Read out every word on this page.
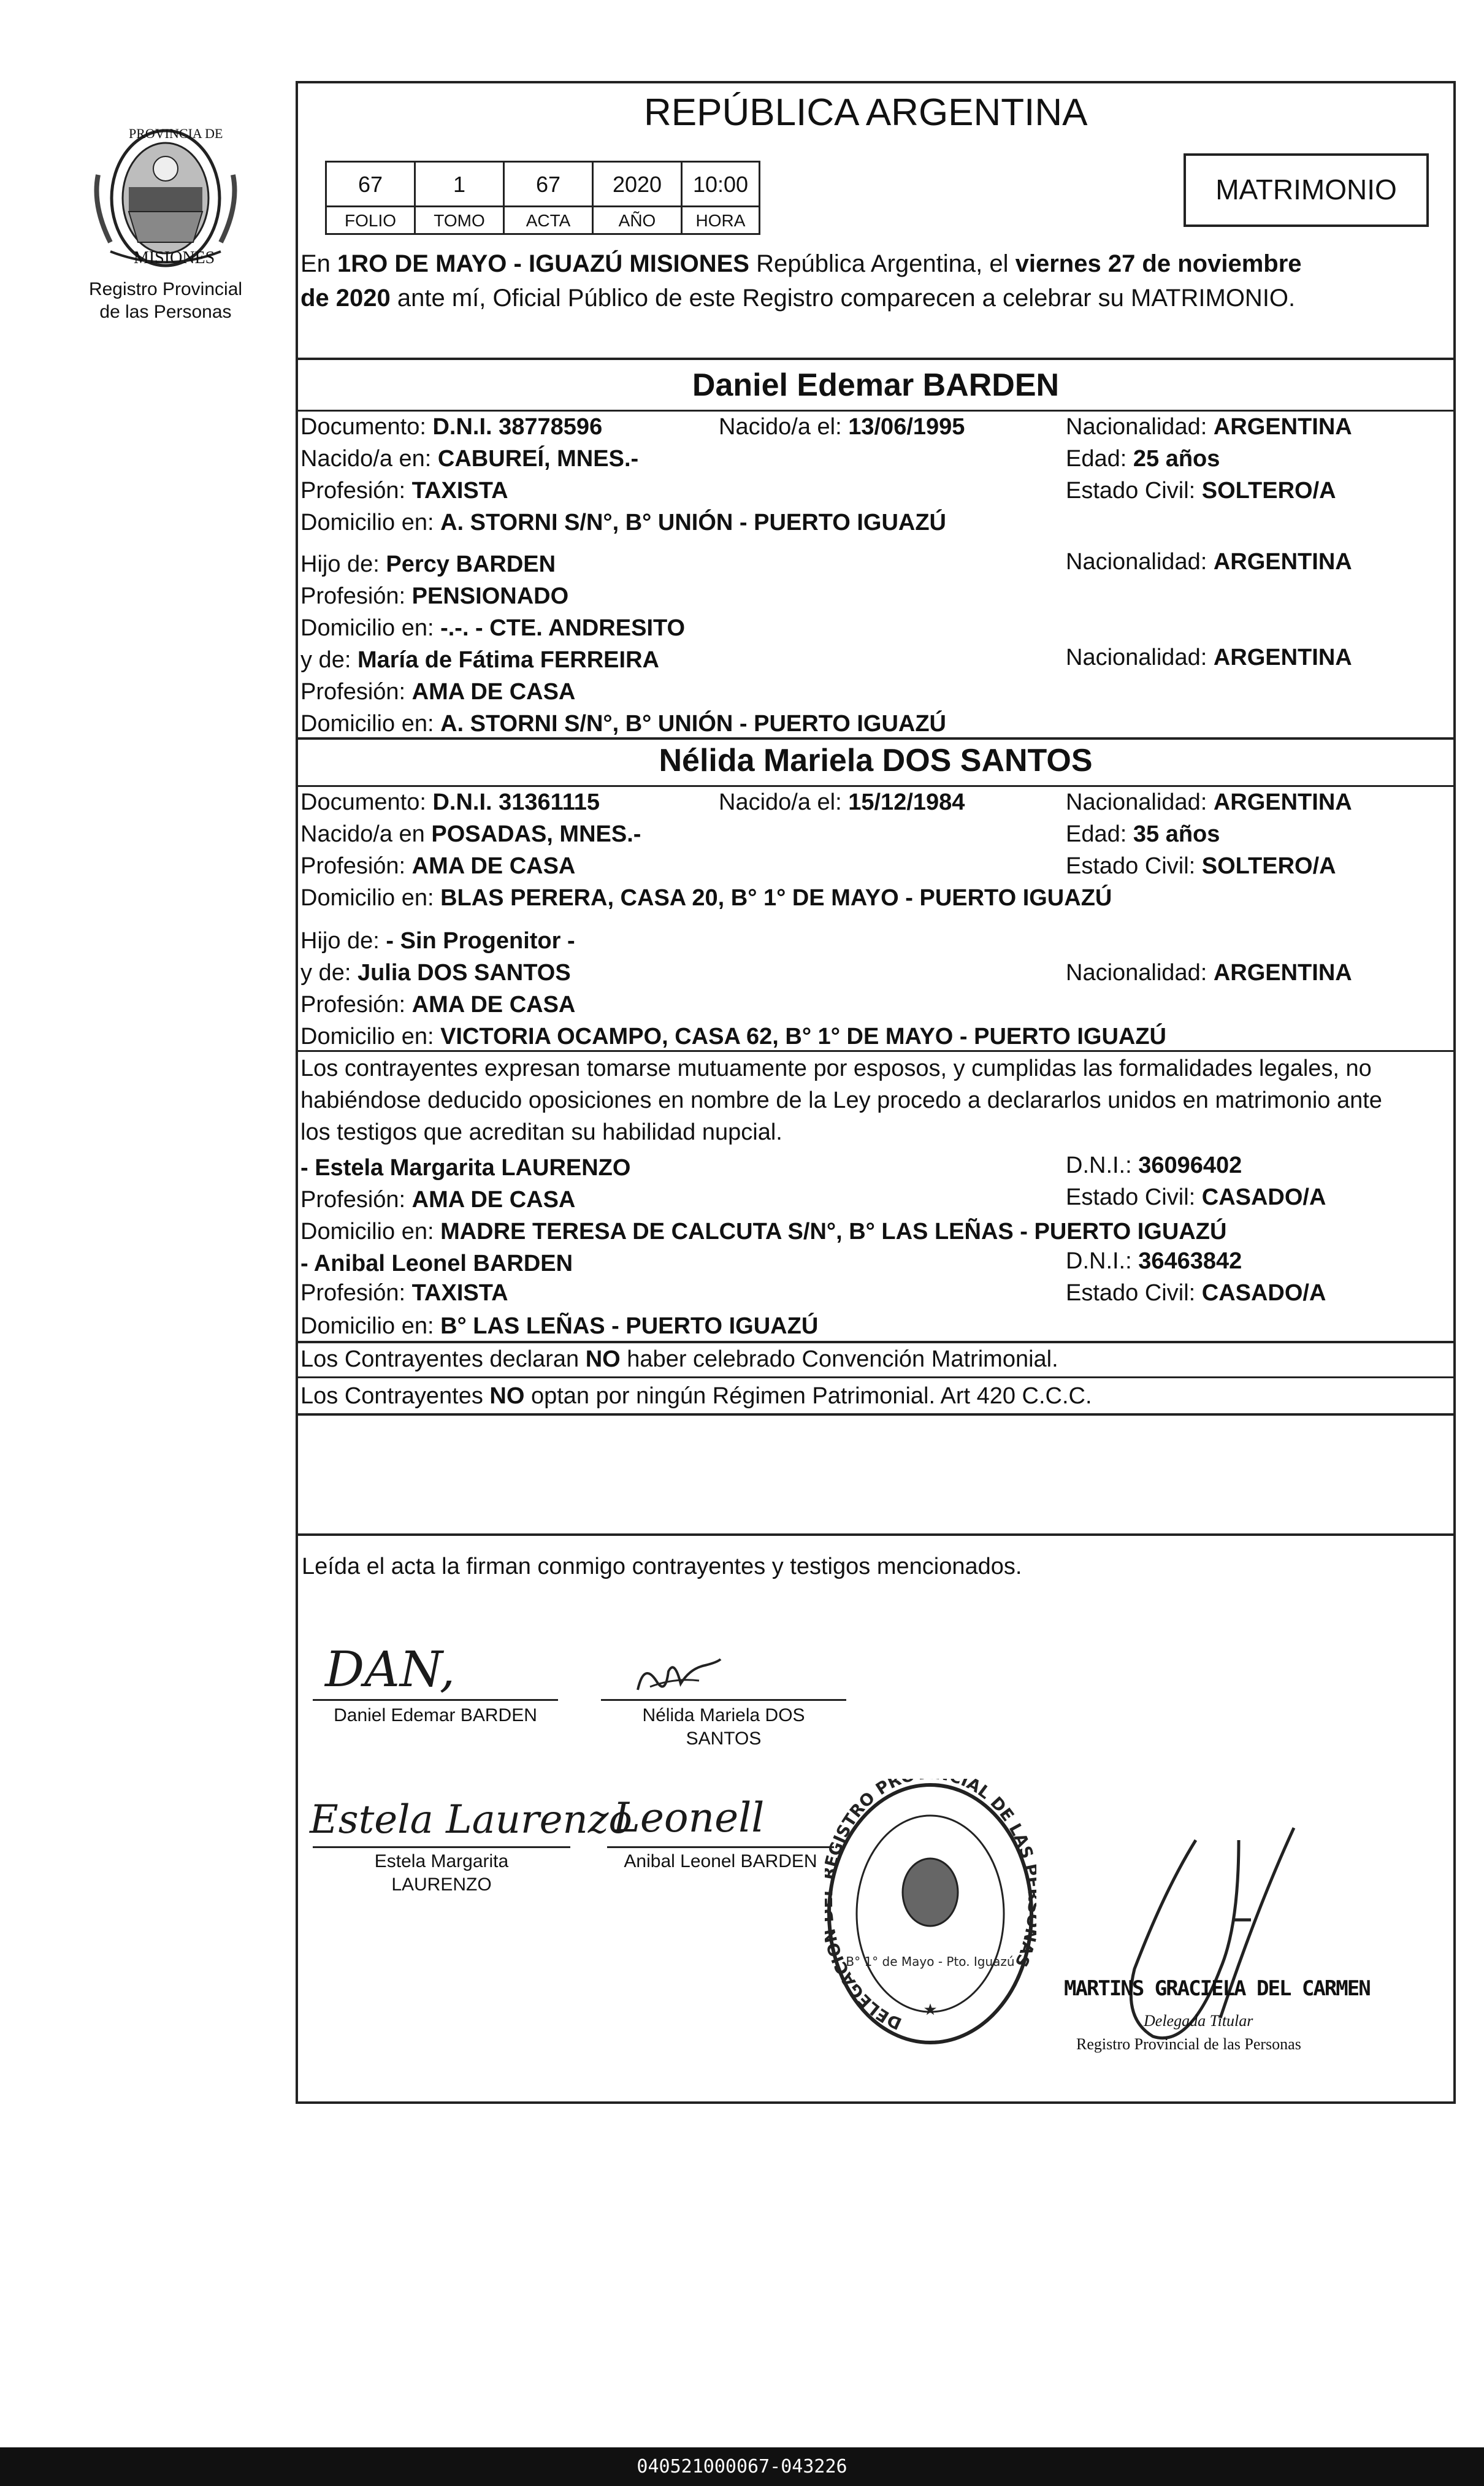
PROVINCIA DE
MISIONES
Registro Provincial
de las Personas
REPÚBLICA ARGENTINA
MATRIMONIO
67	1	67	2020	10:00
FOLIO	TOMO	ACTA	AÑO	HORA
En 1RO DE MAYO - IGUAZÚ MISIONES República Argentina, el viernes 27 de noviembre
de 2020 ante mí, Oficial Público de este Registro comparecen a celebrar su MATRIMONIO.
Daniel Edemar BARDEN
Documento: D.N.I. 38778596	Nacido/a el: 13/06/1995	Nacionalidad: ARGENTINA
Nacido/a en: CABUREÍ, MNES.-	Edad: 25 años
Profesión: TAXISTA	Estado Civil: SOLTERO/A
Domicilio en: A. STORNI S/N°, B° UNIÓN - PUERTO IGUAZÚ
Hijo de: Percy BARDEN	Nacionalidad: ARGENTINA
Profesión: PENSIONADO
Domicilio en: -.-. - CTE. ANDRESITO
y de: María de Fátima FERREIRA	Nacionalidad: ARGENTINA
Profesión: AMA DE CASA
Domicilio en: A. STORNI S/N°, B° UNIÓN - PUERTO IGUAZÚ
Nélida Mariela DOS SANTOS
Documento: D.N.I. 31361115	Nacido/a el: 15/12/1984	Nacionalidad: ARGENTINA
Nacido/a en POSADAS, MNES.-	Edad: 35 años
Profesión: AMA DE CASA	Estado Civil: SOLTERO/A
Domicilio en: BLAS PERERA, CASA 20, B° 1° DE MAYO - PUERTO IGUAZÚ
Hijo de: - Sin Progenitor -
y de: Julia DOS SANTOS	Nacionalidad: ARGENTINA
Profesión: AMA DE CASA
Domicilio en: VICTORIA OCAMPO, CASA 62, B° 1° DE MAYO - PUERTO IGUAZÚ
Los contrayentes expresan tomarse mutuamente por esposos, y cumplidas las formalidades legales, no
habiéndose deducido oposiciones en nombre de la Ley procedo a declararlos unidos en matrimonio ante
los testigos que acreditan su habilidad nupcial.
- Estela Margarita LAURENZO	D.N.I.: 36096402
Profesión: AMA DE CASA	Estado Civil: CASADO/A
Domicilio en: MADRE TERESA DE CALCUTA S/N°, B° LAS LEÑAS - PUERTO IGUAZÚ
- Anibal Leonel BARDEN	D.N.I.: 36463842
Profesión: TAXISTA	Estado Civil: CASADO/A
Domicilio en: B° LAS LEÑAS - PUERTO IGUAZÚ
Los Contrayentes declaran NO haber celebrado Convención Matrimonial.
Los Contrayentes NO optan por ningún Régimen Patrimonial. Art 420 C.C.C.
Leída el acta la firman conmigo contrayentes y testigos mencionados.
DAN,
Daniel Edemar BARDEN	Nélida Mariela DOS
SANTOS
Estela Laurenzo
Estela Margarita
LAURENZO
Leonell
Anibal Leonel BARDEN
DELEGACIO GISTRO PR IAL DE LAS AS
B° 1° de Mayo - Pto. Iguazú
★
MARTINS GRACIELA DEL CARMEN
Delegada Titular
Registro Provincial de las Personas
040521000067-043226
